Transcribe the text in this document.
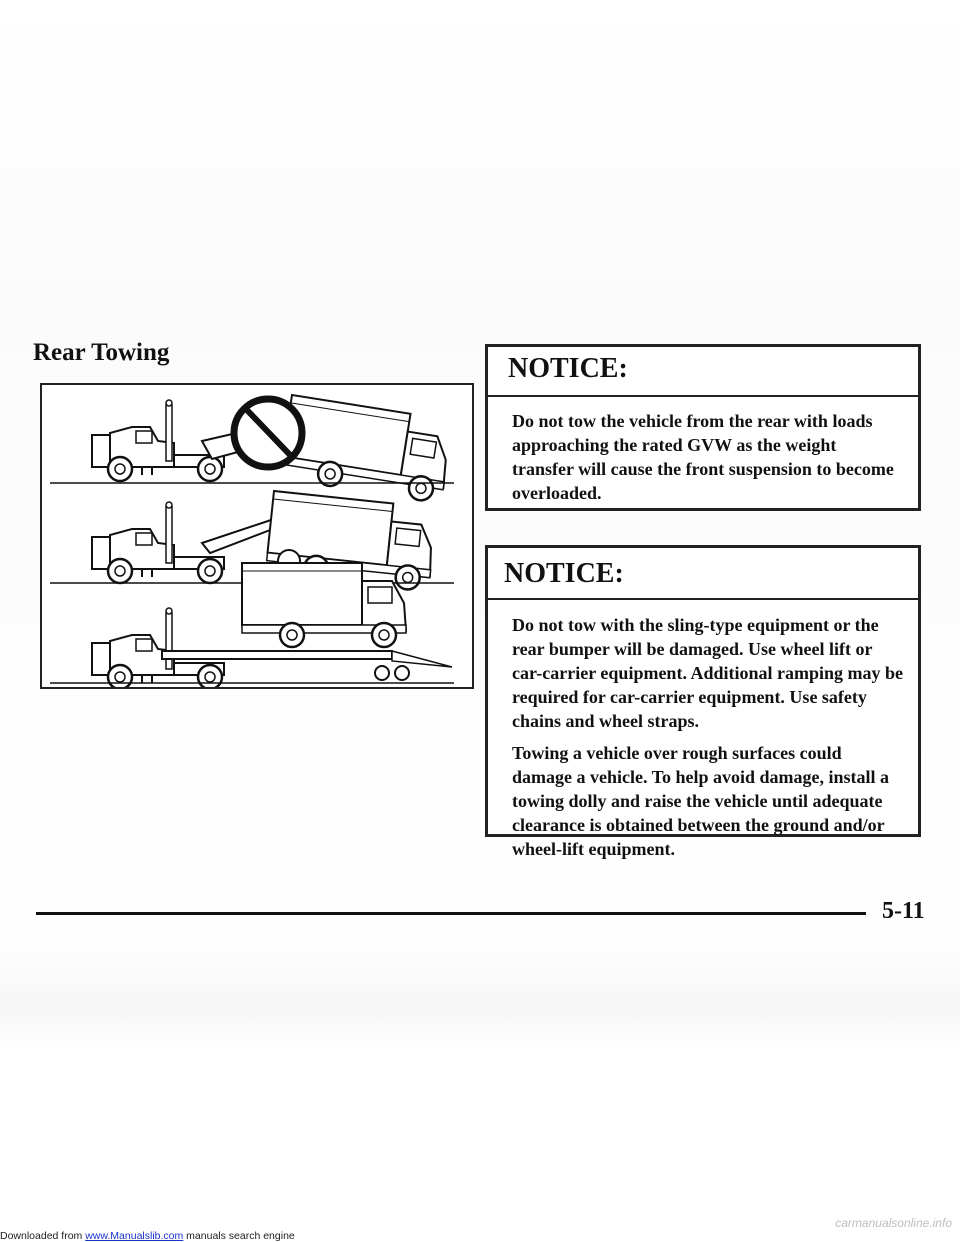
Rear Towing
NOTICE:

Do not tow the vehicle from the rear with loads approaching the rated GVW as the weight transfer will cause the front suspension to become overloaded.

NOTICE:

Do not tow with the sling-type equipment or the rear bumper will be damaged. Use wheel lift or car-carrier equipment. Additional ramping may be required for car-carrier equipment. Use safety chains and wheel straps.

Towing a vehicle over rough surfaces could damage a vehicle. To help avoid damage, install a towing dolly and raise the vehicle until adequate clearance is obtained between the ground and/or wheel-lift equipment.

5-11
Downloaded from www.Manualslib.com manuals search engine
carmanualsonline.info
